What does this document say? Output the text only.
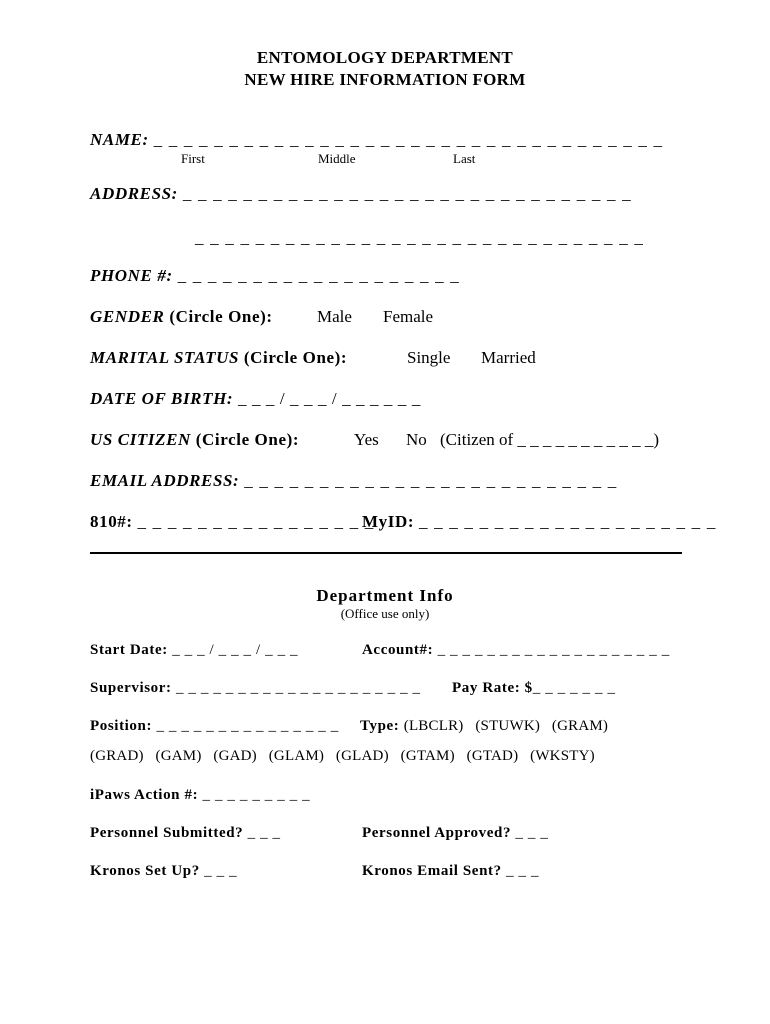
ENTOMOLOGY DEPARTMENT
NEW HIRE INFORMATION FORM
NAME: _ _ _ _ _ _ _ _ _ _ _ _ _ _ _ _ _ _ _ _ _ _ _ _ _ _ _ _ _ _ _ _ _ _
First	Middle	Last
ADDRESS: _ _ _ _ _ _ _ _ _ _ _ _ _ _ _ _ _ _ _ _ _ _ _ _ _ _ _ _ _ _
_ _ _ _ _ _ _ _ _ _ _ _ _ _ _ _ _ _ _ _ _ _ _ _ _ _ _ _ _ _
PHONE #: _ _ _ _ _ _ _ _ _ _ _ _ _ _ _ _ _ _ _
GENDER (Circle One):	Male Female
MARITAL STATUS (Circle One):	Single Married
DATE OF BIRTH: _ _ _ / _ _ _ / _ _ _ _ _ _
US CITIZEN (Circle One):	Yes No (Citizen of _ _ _ _ _ _ _ _ _ _ _)
EMAIL ADDRESS: _ _ _ _ _ _ _ _ _ _ _ _ _ _ _ _ _ _ _ _ _ _ _ _ _
810#: _ _ _ _ _ _ _ _ _ _ _ _ _ _ _ _
MyID: _ _ _ _ _ _ _ _ _ _ _ _ _ _ _ _ _ _ _ _
Department Info
(Office use only)
Start Date: _ _ _ / _ _ _ / _ _ _	Account#: _ _ _ _ _ _ _ _ _ _ _ _ _ _ _ _ _ _ _
Supervisor: _ _ _ _ _ _ _ _ _ _ _ _ _ _ _ _ _ _ _ _ Pay Rate: $_ _ _ _ _ _ _
Position: _ _ _ _ _ _ _ _ _ _ _ _ _ _ _ Type: (LBCLR)   (STUWK)   (GRAM)
(GRAD)   (GAM)   (GAD)   (GLAM)   (GLAD)   (GTAM)   (GTAD)   (WKSTY)
iPaws Action #: _ _ _ _ _ _ _ _ _
Personnel Submitted? _ _ _	Personnel Approved? _ _ _
Kronos Set Up? _ _ _	Kronos Email Sent? _ _ _
